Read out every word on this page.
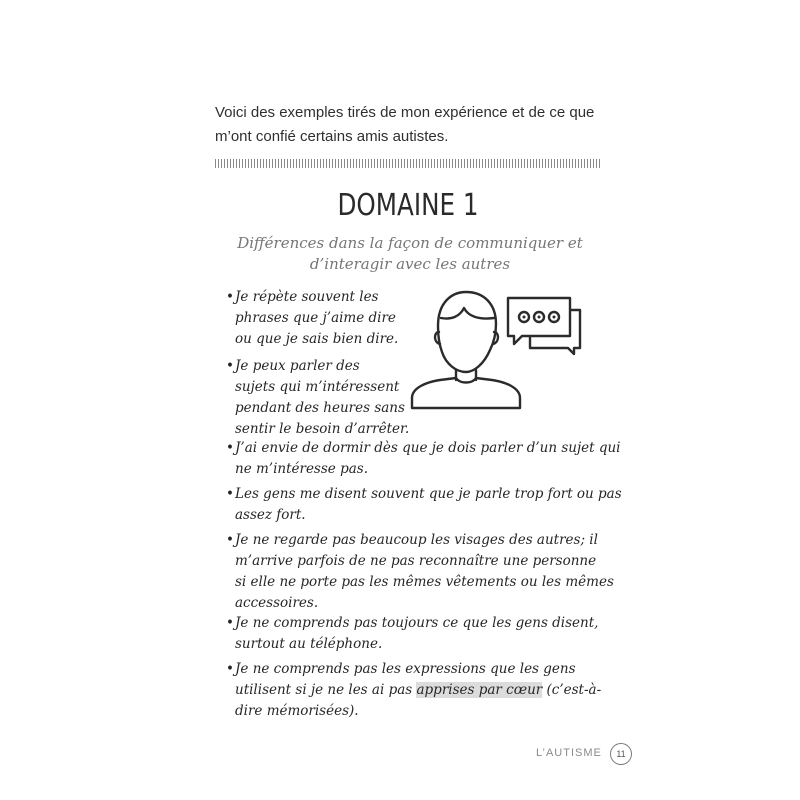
Voici des exemples tirés de mon expérience et de ce que m’ont confié certains amis autistes.
DOMAINE 1
Différences dans la façon de communiquer et
d’interagir avec les autres
• Je répète souvent les
phrases que j’aime dire
ou que je sais bien dire.
• Je peux parler des
sujets qui m’intéressent
pendant des heures sans
sentir le besoin d’arrêter.
• J’ai envie de dormir dès que je dois parler d’un sujet qui
ne m’intéresse pas.
• Les gens me disent souvent que je parle trop fort ou pas
assez fort.
• Je ne regarde pas beaucoup les visages des autres; il
m’arrive parfois de ne pas reconnaître une personne
si elle ne porte pas les mêmes vêtements ou les mêmes
accessoires.
• Je ne comprends pas toujours ce que les gens disent,
surtout au téléphone.
• Je ne comprends pas les expressions que les gens
utilisent si je ne les ai pas apprises par cœur (c’est-à-
dire mémorisées).
L’AUTISME	11
